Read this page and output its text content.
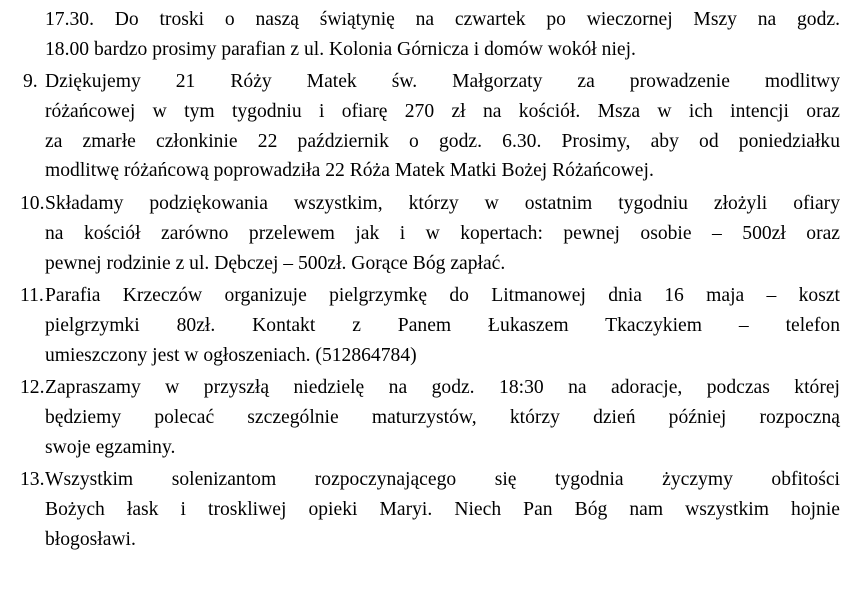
17.30. Do troski o naszą świątynię na czwartek po wieczornej Mszy na godz.
18.00 bardzo prosimy parafian z ul. Kolonia Górnicza i domów wokół niej.
9. Dziękujemy 21 Róży Matek św. Małgorzaty za prowadzenie modlitwy
różańcowej w tym tygodniu i ofiarę 270 zł na kościół. Msza w ich intencji oraz
za zmarłe członkinie 22 październik o godz. 6.30. Prosimy, aby od poniedziałku
modlitwę różańcową poprowadziła 22 Róża Matek Matki Bożej Różańcowej.
10. Składamy podziękowania wszystkim, którzy w ostatnim tygodniu złożyli ofiary
na kościół zarówno przelewem jak i w kopertach: pewnej osobie – 500zł oraz
pewnej rodzinie z ul. Dębczej – 500zł. Gorące Bóg zapłać.
11. Parafia Krzeczów organizuje pielgrzymkę do Litmanowej dnia 16 maja – koszt
pielgrzymki 80zł. Kontakt z Panem Łukaszem Tkaczykiem – telefon
umieszczony jest w ogłoszeniach. (512864784)
12. Zapraszamy w przyszłą niedzielę na godz. 18:30 na adoracje, podczas której
będziemy polecać szczególnie maturzystów, którzy dzień później rozpoczną
swoje egzaminy.
13. Wszystkim solenizantom rozpoczynającego się tygodnia życzymy obfitości
Bożych łask i troskliwej opieki Maryi. Niech Pan Bóg nam wszystkim hojnie
błogosławi.
